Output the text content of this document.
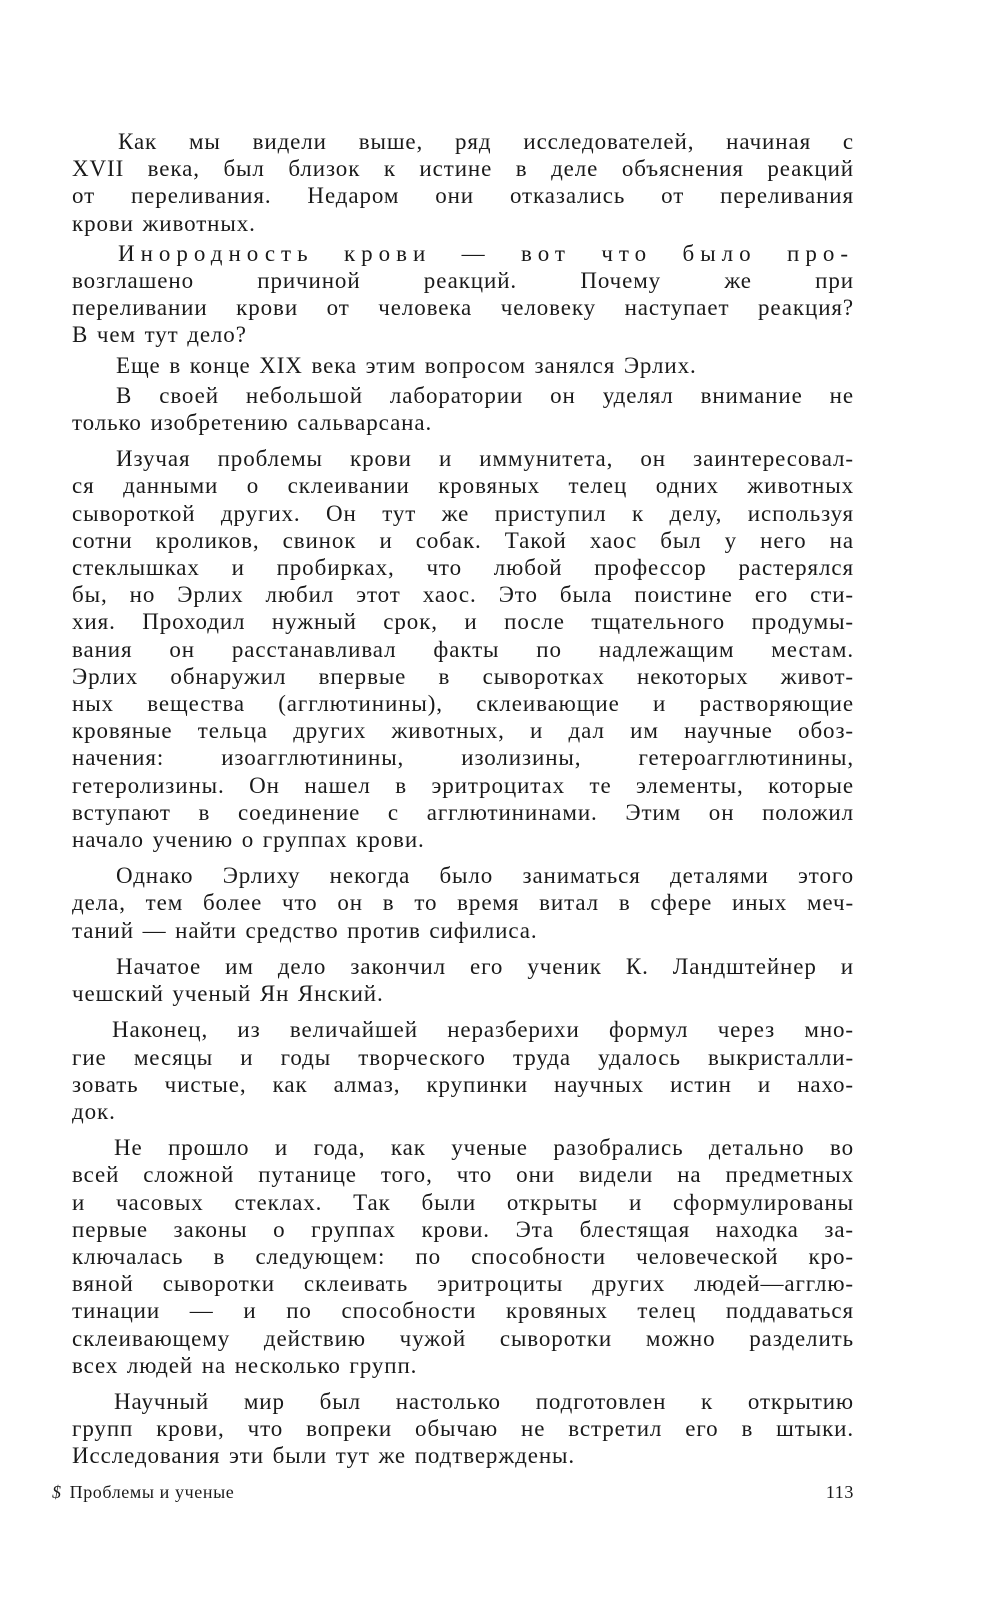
Как мы видели выше, ряд исследователей, начиная с
XVII века, был близок к истине в деле объяснения реакций
от переливания. Недаром они отказались от переливания
крови животных.

Инородность крови — вот что было про-
возглашено причиной реакций. Почему же при
переливании крови от человека человеку наступает реакция?
В чем тут дело?

Еще в конце XIX века этим вопросом занялся Эрлих.

В своей небольшой лаборатории он уделял внимание не
только изобретению сальварсана.

Изучая проблемы крови и иммунитета, он заинтересовал-
ся данными о склеивании кровяных телец одних животных
сывороткой других. Он тут же приступил к делу, используя
сотни кроликов, свинок и собак. Такой хаос был у него на
стеклышках и пробирках, что любой профессор растерялся
бы, но Эрлих любил этот хаос. Это была поистине его сти-
хия. Проходил нужный срок, и после тщательного продумы-
вания он расстанавливал факты по надлежащим местам.
Эрлих обнаружил впервые в сыворотках некоторых живот-
ных вещества (агглютинины), склеивающие и растворяющие
кровяные тельца других животных, и дал им научные обоз-
начения: изоагглютинины, изолизины, гетероагглютинины,
гетеролизины. Он нашел в эритроцитах те элементы, которые
вступают в соединение с агглютининами. Этим он положил
начало учению о группах крови.

Однако Эрлиху некогда было заниматься деталями этого
дела, тем более что он в то время витал в сфере иных меч-
таний — найти средство против сифилиса.

Начатое им дело закончил его ученик К. Ландштейнер и
чешский ученый Ян Янский.

Наконец, из величайшей неразберихи формул через мно-
гие месяцы и годы творческого труда удалось выкристалли-
зовать чистые, как алмаз, крупинки научных истин и нахо-
док.

Не прошло и года, как ученые разобрались детально во
всей сложной путанице того, что они видели на предметных
и часовых стеклах. Так были открыты и сформулированы
первые законы о группах крови. Эта блестящая находка за-
ключалась в следующем: по способности человеческой кро-
вяной сыворотки склеивать эритроциты других людей—агглю-
тинации — и по способности кровяных телец поддаваться
склеивающему действию чужой сыворотки можно разделить
всех людей на несколько групп.

Научный мир был настолько подготовлен к открытию
групп крови, что вопреки обычаю не встретил его в штыки.
Исследования эти были тут же подтверждены.

$ Проблемы и ученые	113
